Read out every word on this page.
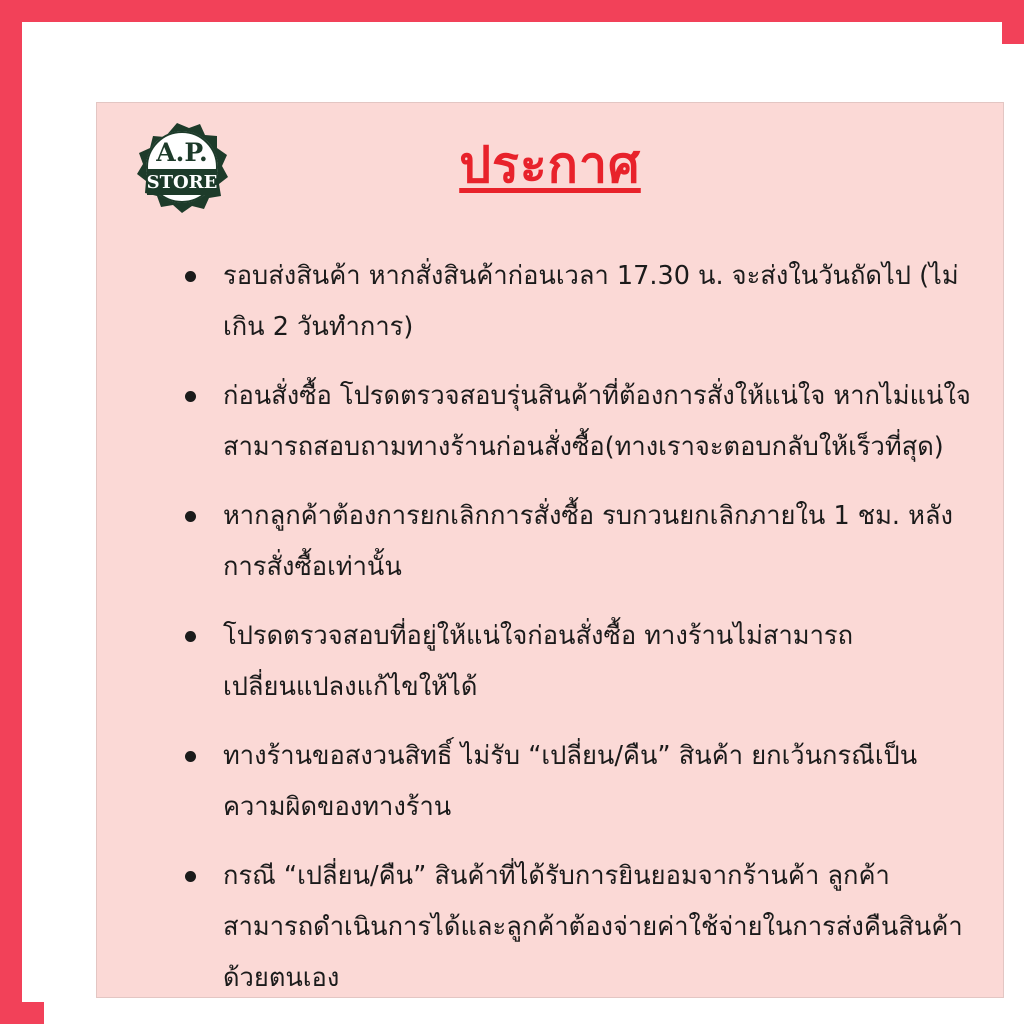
A.P.
STORE	ประกาศ
รอบส่งสินค้า หากสั่งสินค้าก่อนเวลา 17.30 น. จะส่งในวันถัดไป (ไม่เกิน 2 วันทำการ)
ก่อนสั่งซื้อ โปรดตรวจสอบรุ่นสินค้าที่ต้องการสั่งให้แน่ใจ หากไม่แน่ใจสามารถสอบถามทางร้านก่อนสั่งซื้อ(ทางเราจะตอบกลับให้เร็วที่สุด)
หากลูกค้าต้องการยกเลิกการสั่งซื้อ รบกวนยกเลิกภายใน 1 ชม. หลังการสั่งซื้อเท่านั้น
โปรดตรวจสอบที่อยู่ให้แน่ใจก่อนสั่งซื้อ ทางร้านไม่สามารถเปลี่ยนแปลงแก้ไขให้ได้
ทางร้านขอสงวนสิทธิ์ ไม่รับ “เปลี่ยน/คืน” สินค้า ยกเว้นกรณีเป็นความผิดของทางร้าน
กรณี “เปลี่ยน/คืน” สินค้าที่ได้รับการยินยอมจากร้านค้า ลูกค้าสามารถดำเนินการได้และลูกค้าต้องจ่ายค่าใช้จ่ายในการส่งคืนสินค้าด้วยตนเอง
